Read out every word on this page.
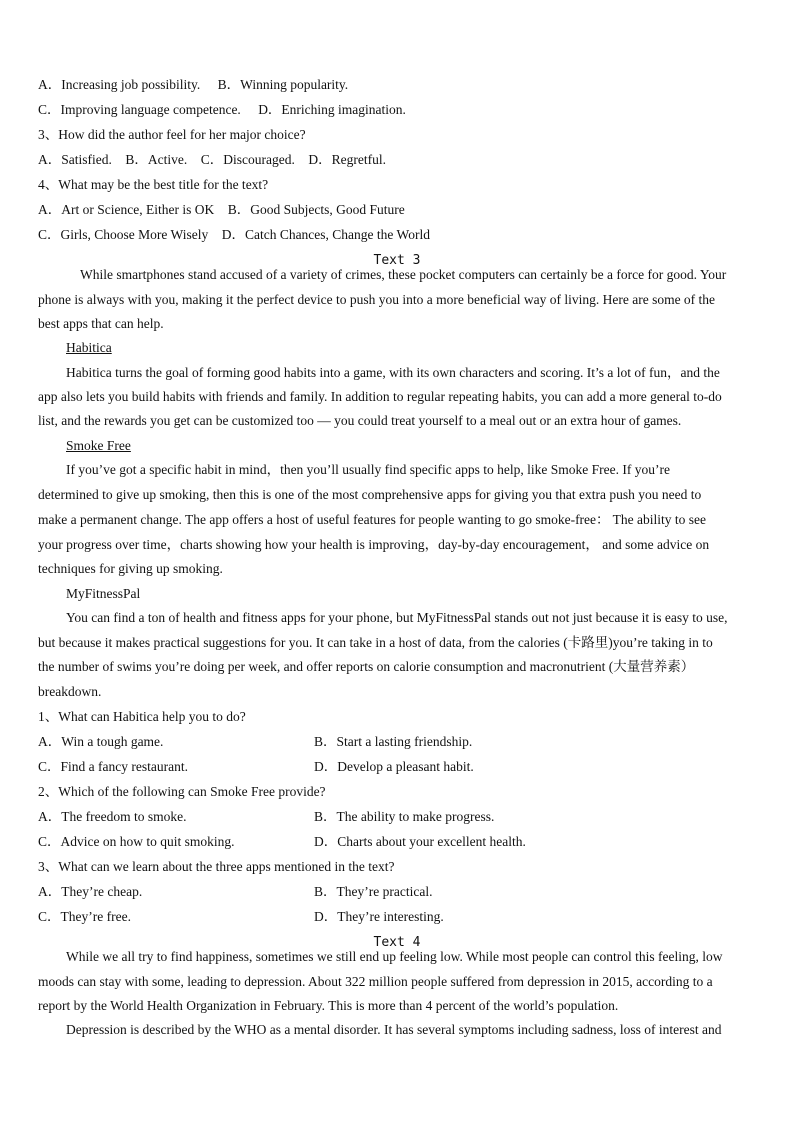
A．Increasing job possibility. B．Winning popularity.
C．Improving language competence. D．Enriching imagination.
3、How did the author feel for her major choice?
A．Satisfied.    B．Active.    C．Discouraged.    D．Regretful.
4、What may be the best title for the text?
A．Art or Science, Either is OK    B．Good Subjects, Good Future
C．Girls, Choose More Wisely    D．Catch Chances, Change the World
Text 3
While smartphones stand accused of a variety of crimes, these pocket computers can certainly be a force for good. Your
phone is always with you, making it the perfect device to push you into a more beneficial way of living. Here are some of the
best apps that can help.
Habitica
Habitica turns the goal of forming good habits into a game, with its own characters and scoring. It’s a lot of fun，and the
app also lets you build habits with friends and family. In addition to regular repeating habits, you can add a more general to-do
list, and the rewards you get can be customized too — you could treat yourself to a meal out or an extra hour of games.
Smoke Free
If you’ve got a specific habit in mind，then you’ll usually find specific apps to help, like Smoke Free. If you’re
determined to give up smoking, then this is one of the most comprehensive apps for giving you that extra push you need to
make a permanent change. The app offers a host of useful features for people wanting to go smoke-free： The ability to see
your progress over time，charts showing how your health is improving，day-by-day encouragement， and some advice on
techniques for giving up smoking.
MyFitnessPal
You can find a ton of health and fitness apps for your phone, but MyFitnessPal stands out not just because it is easy to use,
but because it makes practical suggestions for you. It can take in a host of data, from the calories (卡路里)you’re taking in to
the number of swims you’re doing per week, and offer reports on calorie consumption and macronutrient (大量营养素）
breakdown.
1、What can Habitica help you to do?
A．Win a tough game.	B．Start a lasting friendship.
C．Find a fancy restaurant.	D．Develop a pleasant habit.
2、Which of the following can Smoke Free provide?
A．The freedom to smoke.	B．The ability to make progress.
C．Advice on how to quit smoking.	D．Charts about your excellent health.
3、What can we learn about the three apps mentioned in the text?
A．They’re cheap.	B．They’re practical.
C．They’re free.	D．They’re interesting.
Text 4
While we all try to find happiness, sometimes we still end up feeling low. While most people can control this feeling, low
moods can stay with some, leading to depression. About 322 million people suffered from depression in 2015, according to a
report by the World Health Organization in February. This is more than 4 percent of the world’s population.
Depression is described by the WHO as a mental disorder. It has several symptoms including sadness, loss of interest and
